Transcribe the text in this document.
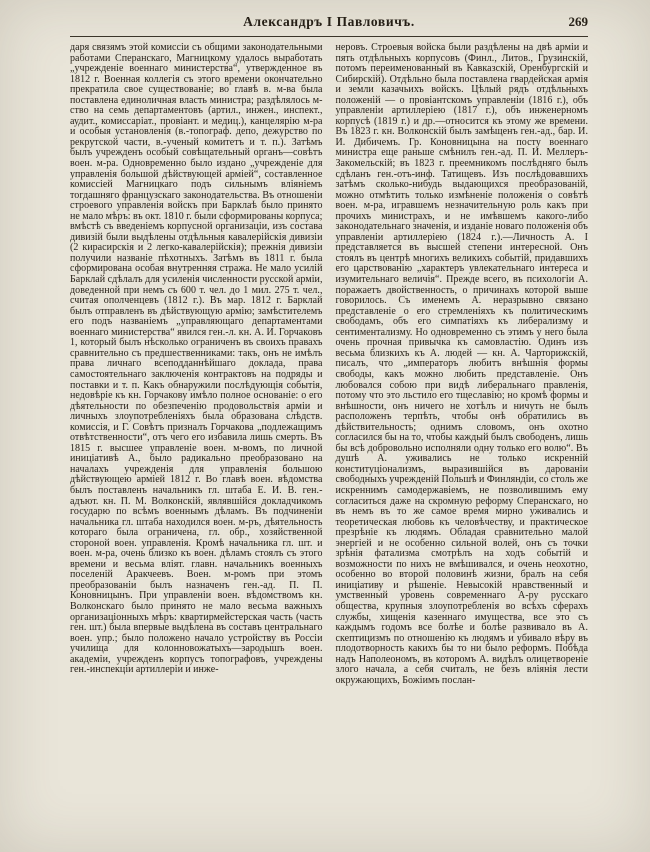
Александръ I Павловичъ.	269
даря связямъ этой комиссіи съ общими законодательными работами Сперанскаго, Магницкому удалось выработать „учрежденіе военнаго министерства“, утвержденное въ 1812 г. Военная коллегія съ этого времени окончательно прекратила свое существованіе; во главѣ в. м-ва была поставлена единоличная власть министра; раздѣлялось м-ство на семь департаментовъ (артил., инжен., инспект., аудит., комиссаріат., провіант. и медиц.), канцелярію м-ра и особыя установленія (в.-топограф. депо, дежурство по рекрутской части, в.-ученый комитетъ и т. п.). Затѣмъ былъ учрежденъ особый совѣщательный органъ—совѣтъ воен. м-ра. Одновременно было издано „учрежденіе для управленія большой дѣйствующей арміей“, составленное комиссіей Магницкаго подъ сильнымъ вліяніемъ тогдашняго французскаго законодательства. Въ отношеніи строевого управленія войскъ при Барклаѣ было принято не мало мѣръ: въ окт. 1810 г. были сформированы корпуса; вмѣстѣ съ введеніемъ корпусной организаціи, изъ состава дивизій были выдѣлены отдѣльныя кавалерійскія дивизіи (2 кирасирскія и 2 легко-кавалерійскія); прежнія дивизіи получили названіе пѣхотныхъ. Затѣмъ въ 1811 г. была сформирована особая внутренняя стража. Не мало усилій Барклай сдѣлалъ для усиленія численности русской арміи, доведенной при немъ съ 600 т. чел. до 1 мил. 275 т. чел., считая ополченцевъ (1812 г.). Въ мар. 1812 г. Барклай былъ отправленъ въ дѣйствующую армію; замѣстителемъ его подъ названіемъ „управляющаго департаментами военнаго министерства“ явился ген.-л. кн. А. И. Горчаковъ 1, который былъ нѣсколько ограниченъ въ своихъ правахъ сравнительно съ предшественниками: такъ, онъ не имѣлъ права личнаго всеподданнѣйшаго доклада, права самостоятельнаго заключенія контрактовъ на подряды и поставки и т. п. Какъ обнаружили послѣдующія событія, недовѣріе къ кн. Горчакову имѣло полное основаніе: о его дѣятельности по обезпеченію продовольствія арміи и личныхъ злоупотребленіяхъ была образована слѣдств. комиссія, и Г. Совѣтъ призналъ Горчакова „подлежащимъ отвѣтственности“, отъ чего его избавила лишь смерть. Въ 1815 г. высшее управленіе воен. м-вомъ, по личной иниціативѣ А., было радикально преобразовано на началахъ учрежденія для управленія большою дѣйствующею арміей 1812 г. Во главѣ воен. вѣдомства былъ поставленъ начальникъ гл. штаба Е. И. В. ген.-адъют. кн. П. М. Волконскій, являвшійся докладчикомъ государю по всѣмъ военнымъ дѣламъ. Въ подчиненіи начальника гл. штаба находился воен. м-ръ, дѣятельность котораго была ограничена, гл. обр., хозяйственной стороной воен. управленія. Кромѣ начальника гл. шт. и воен. м-ра, очень близко къ воен. дѣламъ стоялъ съ этого времени и весьма вліят. главн. начальникъ военныхъ поселеній Аракчеевъ. Воен. м-ромъ при этомъ преобразованіи былъ назначенъ ген.-ад. П. П. Коновницынъ. При управленіи воен. вѣдомствомъ кн. Волконскаго было принято не мало весьма важныхъ организаціонныхъ мѣръ: квартирмейстерская часть (часть ген. шт.) была впервые выдѣлена въ составъ центральнаго воен. упр.; было положено начало устройству въ Россіи училища для колонновожатыхъ—зародышъ воен. академіи, учрежденъ корпусъ топографовъ, учреждены ген.-инспекціи артиллеріи и инже-
неровъ. Строевыя войска были раздѣлены на двѣ арміи и пять отдѣльныхъ корпусовъ (Финл., Литов., Грузинскій, потомъ переименованный въ Кавказскій, Оренбургскій и Сибирскій). Отдѣльно была поставлена гвардейская армія и земли казачьихъ войскъ. Цѣлый рядъ отдѣльныхъ положеній — о провіантскомъ управленіи (1816 г.), объ управленіи артиллеріею (1817 г.), объ инженерномъ корпусѣ (1819 г.) и др.—относится къ этому же времени. Въ 1823 г. кн. Волконскій былъ замѣщенъ ген.-ад., бар. И. И. Дибичемъ. Гр. Коновницына на посту военнаго министра еще раньше смѣнилъ ген.-ад. П. И. Меллеръ-Закомельскій; въ 1823 г. преемникомъ послѣдняго былъ сдѣланъ ген.-отъ-инф. Татищевъ. Изъ послѣдовавшихъ затѣмъ сколько-нибудь выдающихся преобразованій, можно отмѣтить только измѣненіе положенія о совѣтѣ воен. м-ра, игравшемъ незначительную роль какъ при прочихъ министрахъ, и не имѣвшемъ какого-либо законодательнаго значенія, и изданіе новаго положенія объ управленіи артиллеріею (1824 г.).—Личность А. I представляется въ высшей степени интересной. Онъ стоялъ въ центрѣ многихъ великихъ событій, придавшихъ его царствованію „характеръ увлекательнаго интереса и изумительнаго величія“. Прежде всего, въ психологіи А. поражаетъ двойственность, о причинахъ которой выше говорилось. Съ именемъ А. неразрывно связано представленіе о его стремленіяхъ къ политическимъ свободамъ, объ его симпатіяхъ къ либерализму и сентиментализму. Но одновременно съ этимъ у него была очень прочная привычка къ самовластію. Одинъ изъ весьма близкихъ къ А. людей — кн. А. Чарторижскій, писалъ, что „императоръ любитъ внѣшнія формы свободы, какъ можно любить представленіе. Онъ любовался собою при видѣ либеральнаго правленія, потому что это льстило его тщеславію; но кромѣ формы и внѣшности, онъ ничего не хотѣлъ и ничуть не былъ расположенъ терпѣть, чтобы онѣ обратились въ дѣйствительность; однимъ словомъ, онъ охотно согласился бы на то, чтобы каждый былъ свободенъ, лишь бы всѣ добровольно исполняли одну только его волю“. Въ душѣ А. уживались не только искренній конституціонализмъ, выразившійся въ дарованіи свободныхъ учрежденій Польшѣ и Финляндіи, со столь же искреннимъ самодержавіемъ, не позволившимъ ему согласиться даже на скромную реформу Сперанскаго, но въ немъ въ то же самое время мирно уживались и теоретическая любовь къ человѣчеству, и практическое презрѣніе къ людямъ. Обладая сравнительно малой энергіей и не особенно сильной волей, онъ съ точки зрѣнія фатализма смотрѣлъ на ходъ событій и возможности по нихъ не вмѣшивался, и очень неохотно, особенно во второй половинѣ жизни, бралъ на себя иниціативу и рѣшеніе. Невысокій нравственный и умственный уровень современнаго А-ру русскаго общества, крупныя злоупотребленія во всѣхъ сферахъ службы, хищенія казеннаго имущества, все это съ каждымъ годомъ все болѣе и болѣе развивало въ А. скептицизмъ по отношенію къ людямъ и убивало вѣру въ плодотворность какихъ бы то ни было реформъ. Побѣда надъ Наполеономъ, въ которомъ А. видѣлъ олицетвореніе злого начала, а себя считалъ, не безъ вліянія лести окружающихъ, Божіимъ послан-
